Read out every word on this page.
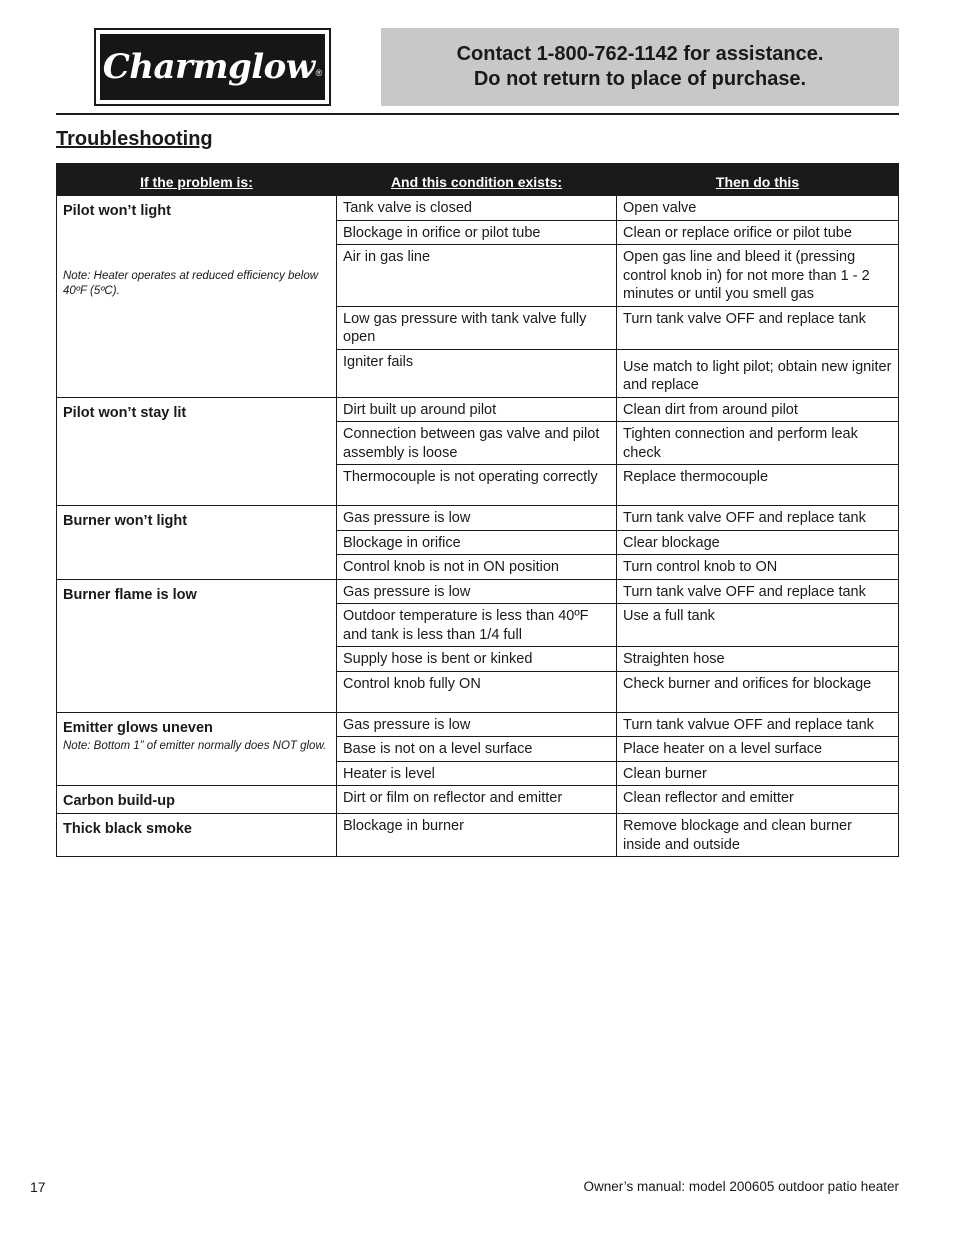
Charmglow ®
Contact 1-800-762-1142 for assistance.
Do not return to place of purchase.
Troubleshooting
If the problem is:	And this condition exists:	Then do this

Pilot won’t light
Note: Heater operates at reduced efficiency below 40ºF (5ºC).	Tank valve is closed	Open valve
	Blockage in orifice or pilot tube	Clean or replace orifice or pilot tube
	Air in gas line	Open gas line and bleed it (pressing control knob in) for not more than 1 - 2 minutes or until you smell gas
	Low gas pressure with tank valve fully open	Turn tank valve OFF and replace tank
	Igniter fails	Use match to light pilot; obtain new igniter and replace

Pilot won’t stay lit	Dirt built up around pilot	Clean dirt from around pilot
	Connection between gas valve and pilot assembly is loose	Tighten connection and perform leak check
	Thermocouple is not operating correctly	Replace thermocouple

Burner won’t light	Gas pressure is low	Turn tank valve OFF and replace tank
	Blockage in orifice	Clear blockage
	Control knob is not in ON position	Turn control knob to ON

Burner flame is low	Gas pressure is low	Turn tank valve OFF and replace tank
	Outdoor temperature is less than 40ºF and tank is less than 1/4 full	Use a full tank
	Supply hose is bent or kinked	Straighten hose
	Control knob fully ON	Check burner and orifices for blockage

Emitter glows uneven
Note: Bottom 1” of emitter normally does NOT glow.	Gas pressure is low	Turn tank valvue OFF and replace tank
	Base is not on a level surface	Place heater on a level surface
	Heater is level	Clean burner

Carbon build-up	Dirt or film on reflector and emitter	Clean reflector and emitter

Thick black smoke	Blockage in burner	Remove blockage and clean burner inside and outside
17	Owner’s manual: model 200605 outdoor patio heater
